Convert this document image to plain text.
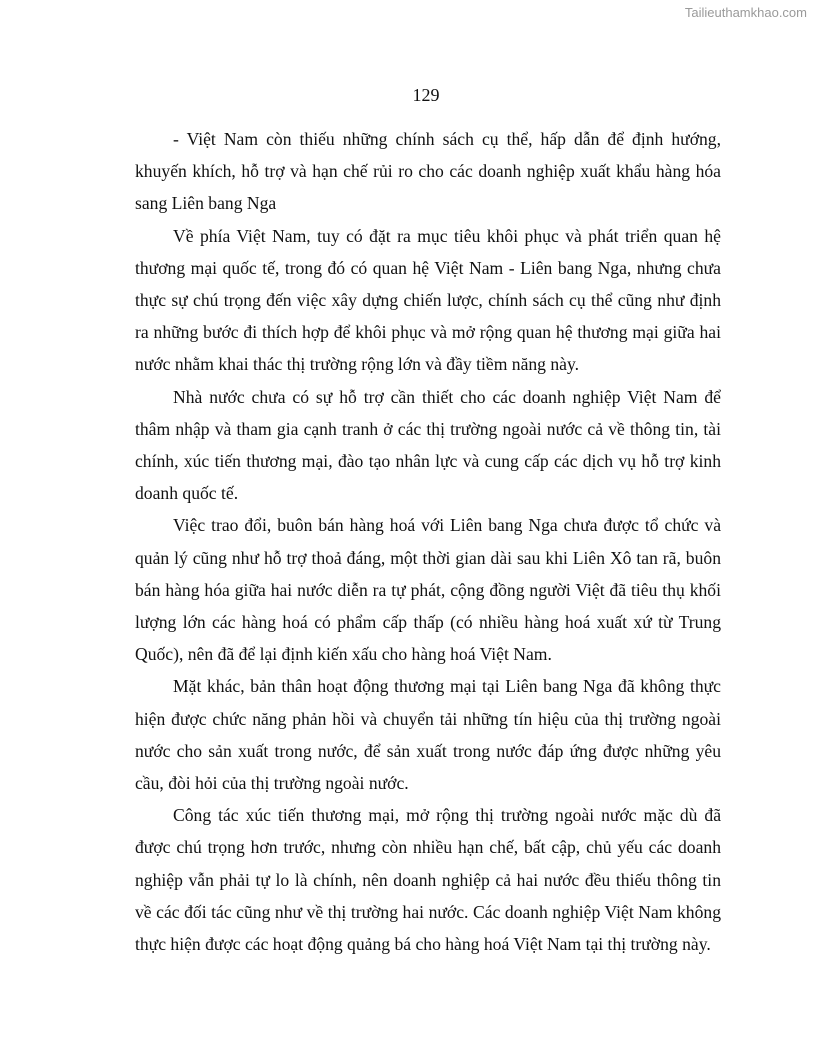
Tailieuthamkhao.com
129

- Việt Nam còn thiếu những chính sách cụ thể, hấp dẫn để định hướng, khuyến khích, hỗ trợ và hạn chế rủi ro cho các doanh nghiệp xuất khẩu hàng hóa sang Liên bang Nga

Về phía Việt Nam, tuy có đặt ra mục tiêu khôi phục và phát triển quan hệ thương mại quốc tế, trong đó có quan hệ Việt Nam - Liên bang Nga, nhưng chưa thực sự chú trọng đến việc xây dựng chiến lược, chính sách cụ thể cũng như định ra những bước đi thích hợp để khôi phục và mở rộng quan hệ thương mại giữa hai nước nhằm khai thác thị trường rộng lớn và đầy tiềm năng này.

Nhà nước chưa có sự hỗ trợ cần thiết cho các doanh nghiệp Việt Nam để thâm nhập và tham gia cạnh tranh ở các thị trường ngoài nước cả về thông tin, tài chính, xúc tiến thương mại, đào tạo nhân lực và cung cấp các dịch vụ hỗ trợ kinh doanh quốc tế.

Việc trao đổi, buôn bán hàng hoá với Liên bang Nga chưa được tổ chức và quản lý cũng như hỗ trợ thoả đáng, một thời gian dài sau khi Liên Xô tan rã, buôn bán hàng hóa giữa hai nước diễn ra tự phát, cộng đồng người Việt đã tiêu thụ khối lượng lớn các hàng hoá có phẩm cấp thấp (có nhiều hàng hoá xuất xứ từ Trung Quốc), nên đã để lại định kiến xấu cho hàng hoá Việt Nam.

Mặt khác, bản thân hoạt động thương mại tại Liên bang Nga đã không thực hiện được chức năng phản hồi và chuyển tải những tín hiệu của thị trường ngoài nước cho sản xuất trong nước, để sản xuất trong nước đáp ứng được những yêu cầu, đòi hỏi của thị trường ngoài nước.

Công tác xúc tiến thương mại, mở rộng thị trường ngoài nước mặc dù đã được chú trọng hơn trước, nhưng còn nhiều hạn chế, bất cập, chủ yếu các doanh nghiệp vẫn phải tự lo là chính, nên doanh nghiệp cả hai nước đều thiếu thông tin về các đối tác cũng như về thị trường hai nước. Các doanh nghiệp Việt Nam không thực hiện được các hoạt động quảng bá cho hàng hoá Việt Nam tại thị trường này.
